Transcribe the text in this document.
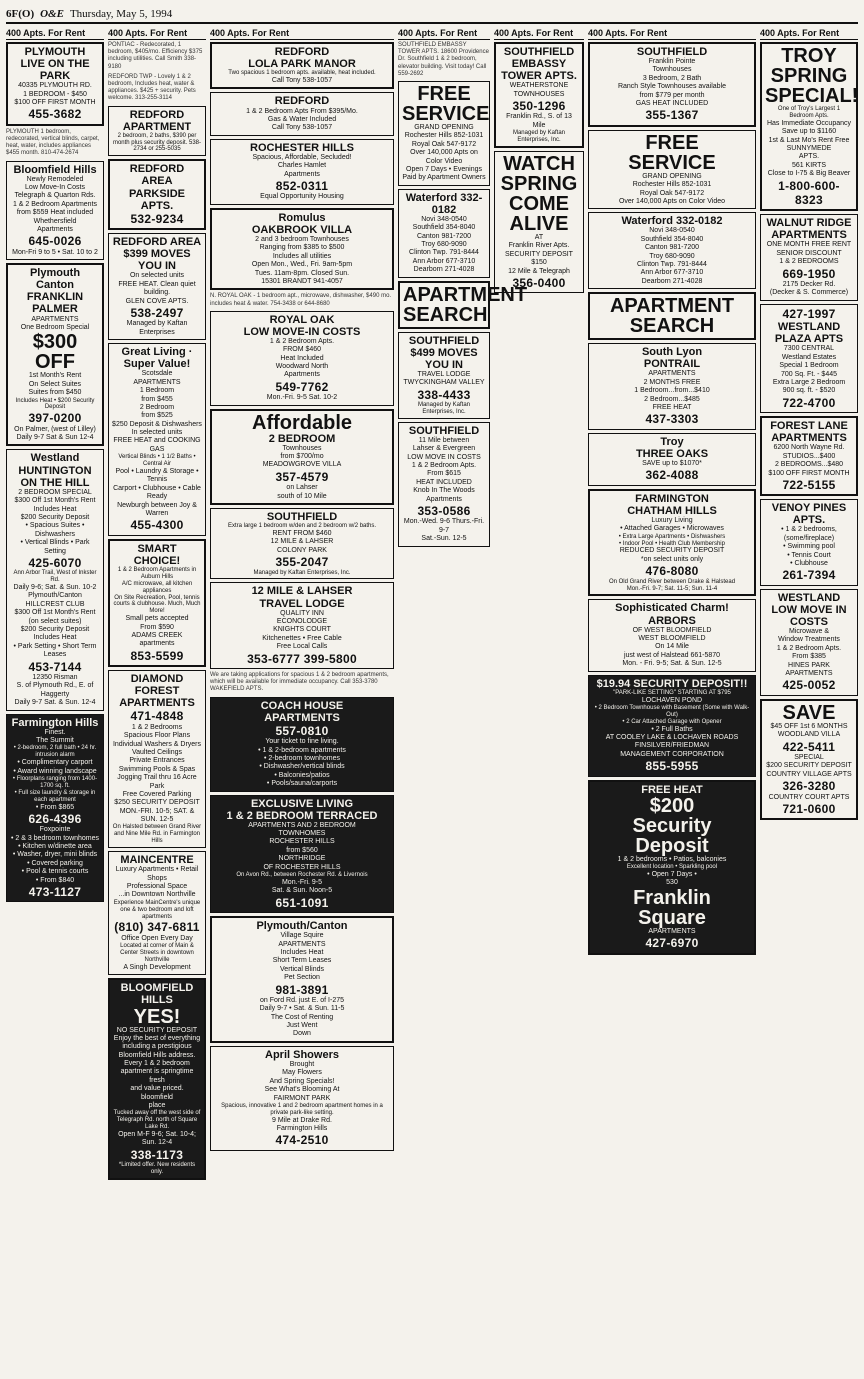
6F(O) O&E Thursday, May 5, 1994
400 Apts. For Rent
PLYMOUTH
LIVE ON THE PARK
40335 PLYMOUTH RD.
1 BEDROOM - $450
$100 OFF FIRST MONTH
455-3682
PLYMOUTH 1 bedroom, redecorated, vertical blinds, carpet, heat, water, includes appliances $455 month. 810-474-2674
Bloomfield Hills
Newly Remodeled
Low Move-In Costs
Telegraph & Quarton Rds.
1 & 2 Bedroom Apartments
from $559 Heat included
Whethersfield
Apartments
645-0026
Mon-Fri 9 to 5 • Sat. 10 to 2
Plymouth Canton
FRANKLIN PALMER
APARTMENTS
One Bedroom Special
$300 OFF
1st Month's Rent
On Select Suites
Suites from $450
Includes Heat • $200 Security Deposit
397-0200
On Palmer, (west of Lilley)
Daily 9-7 Sat & Sun 12-4
Westland
HUNTINGTON ON THE HILL
2 BEDROOM SPECIAL
$300 Off 1st Month's Rent
Includes Heat
$200 Security Deposit
• Spacious Suites • Dishwashers
• Vertical Blinds • Park Setting
425-6070
Ann Arbor Trail, West of Inkster Rd.
Daily 9-6; Sat. & Sun. 10-2
Plymouth/Canton
HILLCREST CLUB
$300 Off 1st Month's Rent
(on select suites)
$200 Security Deposit
Includes Heat
• Park Setting • Short Term Leases
453-7144
12350 Risman
S. of Plymouth Rd., E. of Haggerty
Daily 9-7 Sat. & Sun. 12-4
Farmington Hills
Finest.
The Summit
• 2-bedroom, 2 full bath • 24 hr. intrusion alarm
• Complimentary carport
• Award winning landscape
• Floorplans ranging from 1400-1700 sq. ft.
• Full size laundry & storage in each apartment
• From $865
626-4396
Foxpointe
• 2 & 3 bedroom townhomes
• Kitchen w/dinette area
• Washer, dryer, mini blinds
• Covered parking
• Pool & tennis courts
• From $840
473-1127
400 Apts. For Rent
PONTIAC - Redecorated, 1 bedroom, $405/mo. Efficiency $375 including utilities. Call Smith 338-9180
REDFORD TWP - Lovely 1 & 2 bedroom, Includes heat, water & appliances. $425 + security. Pets welcome. 313-255-3114
REDFORD APARTMENT
2 bedroom, 2 baths, $390 per month plus security deposit. 538-2734 or 255-5035
REDFORD AREA
PARKSIDE APTS.
532-9234
REDFORD AREA
$399 MOVES YOU IN
On selected units
FREE HEAT. Clean quiet building.
GLEN COVE APTS.
538-2497
Managed by Kaftan Enterprises
Great Living · Super Value!
Scotsdale
APARTMENTS
1 Bedroom
from $455
2 Bedroom
from $525
$250 Deposit & Dishwashers
In selected units
FREE HEAT and COOKING GAS
Vertical Blinds • 1 1/2 Baths • Central Air
Pool • Laundry & Storage • Tennis
Carport • Clubhouse • Cable Ready
Newburgh between Joy & Warren
455-4300
SMART CHOICE!
1 & 2 Bedroom Apartments in Auburn Hills
A/C microwave, all kitchen appliances
On Site Recreation, Pool, tennis courts & clubhouse. Much, Much More!
Small pets accepted
From $590
ADAMS CREEK
apartments
853-5599
DIAMOND FOREST
APARTMENTS
471-4848
1 & 2 Bedrooms
Spacious Floor Plans
Individual Washers & Dryers
Vaulted Ceilings
Private Entrances
Swimming Pools & Spas
Jogging Trail thru 16 Acre Park
Free Covered Parking
$250 SECURITY DEPOSIT
MON.-FRI. 10-5; SAT. & SUN. 12-5
On Halsted between Grand River and Nine Mile Rd. in Farmington Hills
MAINCENTRE
Luxury Apartments • Retail Shops
Professional Space
...in Downtown Northville
Experience MainCentre's unique one & two bedroom and loft apartments
(810) 347-6811
Office Open Every Day
Located at corner of Main & Center Streets in downtown Northville
A Singh Development
BLOOMFIELD HILLS
YES!
NO SECURITY DEPOSIT
Enjoy the best of everything
including a prestigious
Bloomfield Hills address.
Every 1 & 2 bedroom
apartment is springtime fresh
and value priced.
bloomfield
place
Tucked away off the west side of Telegraph Rd. north of Square Lake Rd.
Open M-F 9-6; Sat. 10-4; Sun. 12-4
338-1173
*Limited offer. New residents only.
400 Apts. For Rent
REDFORD
LOLA PARK MANOR
Two spacious 1 bedroom apts. available, heat included.
Call Tony 538-1057
REDFORD
1 & 2 Bedroom Apts From $395/Mo.
Gas & Water Included
Call Tony 538-1057
ROCHESTER HILLS
Spacious, Affordable, Secluded!
Charles Hamlet
Apartments
852-0311
Equal Opportunity Housing
Romulus
OAKBROOK VILLA
2 and 3 bedroom Townhouses
Ranging from $385 to $500
Includes all utilities
Open Mon., Wed., Fri. 9am-5pm
Tues. 11am-8pm. Closed Sun.
15301 BRANDT 941-4057
N. ROYAL OAK - 1 bedroom apt., microwave, dishwasher, $490 mo. includes heat & water. 754-3438 or 644-8680
ROYAL OAK
LOW MOVE-IN COSTS
1 & 2 Bedroom Apts.
FROM $460
Heat Included
Woodward North
Apartments
549-7762
Mon.-Fri. 9-5 Sat. 10-2
Affordable
2 BEDROOM
Townhouses
from $700/mo
MEADOWGROVE VILLA
357-4579
on Lahser
south of 10 Mile
SOUTHFIELD
Extra large 1 bedroom w/den and 2 bedroom w/2 baths.
RENT FROM $460
12 MILE & LAHSER
COLONY PARK
355-2047
Managed by Kaftan Enterprises, Inc.
12 MILE & LAHSER
TRAVEL LODGE
QUALITY INN
ECONOLODGE
KNIGHTS COURT
Kitchenettes • Free Cable
Free Local Calls
353-6777 399-5800
We are taking applications for spacious 1 & 2 bedroom apartments, which will be available for immediate occupancy. Call 353-3780 WAKEFIELD APTS.
COACH HOUSE
APARTMENTS
557-0810
Your ticket to fine living.
• 1 & 2-bedroom apartments
• 2-bedroom townhomes
• Dishwasher/vertical blinds
• Balconies/patios
• Pools/sauna/carports
EXCLUSIVE LIVING
1 & 2 BEDROOM TERRACED
APARTMENTS AND 2 BEDROOM
TOWNHOMES
ROCHESTER HILLS
from $560
NORTHRIDGE
OF ROCHESTER HILLS
On Avon Rd., between Rochester Rd. & Livernois
Mon.-Fri. 9-5
Sat. & Sun. Noon-5
651-1091
Plymouth/Canton
Village Squire
APARTMENTS
Includes Heat
Short Term Leases
Vertical Blinds
Pet Section
981-3891
on Ford Rd. just E. of I-275
Daily 9-7 • Sat. & Sun. 11-5
The Cost of Renting
Just Went
Down
April Showers
Brought
May Flowers
And Spring Specials!
See What's Blooming At
FAIRMONT PARK
Spacious, innovative 1 and 2 bedroom apartment homes in a private park-like setting.
9 Mile at Drake Rd.
Farmington Hills
474-2510
400 Apts. For Rent
SOUTHFIELD EMBASSY TOWER APTS. 18600 Providence Dr. Southfield 1 & 2 bedroom, elevator building. Visit today! Call 559-2692
FREE
SERVICE
GRAND OPENING
Rochester Hills 852-1031
Royal Oak 547-9172
Over 140,000 Apts on Color Video
Open 7 Days • Evenings
Paid by Apartment Owners
Waterford 332-0182
Novi 348-0540
Southfield 354-8040
Canton 981-7200
Troy 680-9090
Clinton Twp. 791-8444
Ann Arbor 677-3710
Dearborn 271-4028
APARTMENT
SEARCH
SOUTHFIELD
$499 MOVES YOU IN
TRAVEL LODGE
TWYCKINGHAM VALLEY
338-4433
Managed by Kaftan Enterprises, Inc.
SOUTHFIELD
11 Mile between
Lahser & Evergreen
LOW MOVE IN COSTS
1 & 2 Bedroom Apts.
From $615
HEAT INCLUDED
Knob In The Woods
Apartments
353-0586
Mon.-Wed. 9-6 Thurs.-Fri. 9-7
Sat.-Sun. 12-5
400 Apts. For Rent
SOUTHFIELD
EMBASSY TOWER APTS.
WEATHERSTONE
TOWNHOUSES
350-1296
Franklin Rd., S. of 13 Mile
Managed by Kaftan Enterprises, Inc.
WATCH
SPRING
COME
ALIVE
AT
Franklin River Apts.
SECURITY DEPOSIT $150
12 Mile & Telegraph
356-0400
400 Apts. For Rent
SOUTHFIELD
Franklin Pointe
Townhouses
3 Bedroom, 2 Bath
Ranch Style Townhouses available
from $779 per month
GAS HEAT INCLUDED
355-1367
FREE
SERVICE
GRAND OPENING
Rochester Hills 852-1031
Royal Oak 547-9172
Over 140,000 Apts on Color Video
Waterford 332-0182
Novi 348-0540
Southfield 354-8040
Canton 981-7200
Troy 680-9090
Clinton Twp. 791-8444
Ann Arbor 677-3710
Dearborn 271-4028
APARTMENT
SEARCH
South Lyon
PONTRAIL
APARTMENTS
2 MONTHS FREE
1 Bedroom...from...$410
2 Bedroom...$485
FREE HEAT
437-3303
Troy
THREE OAKS
SAVE up to $1070*
362-4088
FARMINGTON
CHATHAM HILLS
Luxury Living
• Attached Garages • Microwaves
• Extra Large Apartments • Dishwashers
• Indoor Pool • Health Club Membership
REDUCED SECURITY DEPOSIT
*on select units only
476-8080
On Old Grand River between Drake & Halstead
Mon.-Fri. 9-7; Sat. 11-5; Sun. 11-4
Sophisticated Charm!
ARBORS
OF WEST BLOOMFIELD
WEST BLOOMFIELD
On 14 Mile
just west of Halstead 661-5870
Mon. - Fri. 9-5; Sat. & Sun. 12-5
$19.94 SECURITY DEPOSIT!!
"PARK-LIKE SETTING" STARTING AT $795
LOCHAVEN POND
• 2 Bedroom Townhouse with Basement (Some with Walk-Out)
• 2 Car Attached Garage with Opener
• 2 Full Baths
AT COOLEY LAKE & LOCHAVEN ROADS
FINSILVER/FRIEDMAN
MANAGEMENT CORPORATION
855-5955
FREE HEAT
$200
Security
Deposit
1 & 2 bedrooms • Patios, balconies
Excellent location • Sparkling pool
• Open 7 Days •
530
Franklin
Square
APARTMENTS
427-6970
400 Apts. For Rent
TROY
SPRING
SPECIAL!
One of Troy's Largest 1 Bedroom Apts.
Has Immediate Occupancy
Save up to $1160
1st & Last Mo's Rent Free
SUNNYMEDE
APTS.
561 KIRTS
Close to I-75 & Big Beaver
1-800-600-8323
WALNUT RIDGE
APARTMENTS
ONE MONTH FREE RENT
SENIOR DISCOUNT
1 & 2 BEDROOMS
669-1950
2175 Decker Rd.
(Decker & S. Commerce)
427-1997
WESTLAND PLAZA APTS
7300 CENTRAL
Westland Estates
Special 1 Bedroom
700 Sq. Ft. - $445
Extra Large 2 Bedroom
900 sq. ft. - $520
722-4700
FOREST LANE
APARTMENTS
6200 North Wayne Rd.
STUDIOS...$400
2 BEDROOMS...$480
$100 OFF FIRST MONTH
722-5155
VENOY PINES APTS.
• 1 & 2 bedrooms, (some/fireplace)
• Swimming pool
• Tennis Court
• Clubhouse
261-7394
WESTLAND
LOW MOVE IN COSTS
Microwave &
Window Treatments
1 & 2 Bedroom Apts.
From $385
HINES PARK
APARTMENTS
425-0052
SAVE
$45 OFF 1st 6 MONTHS
WOODLAND VILLA
422-5411
SPECIAL
$200 SECURITY DEPOSIT
COUNTRY VILLAGE APTS
326-3280
COUNTRY COURT APTS
721-0600
